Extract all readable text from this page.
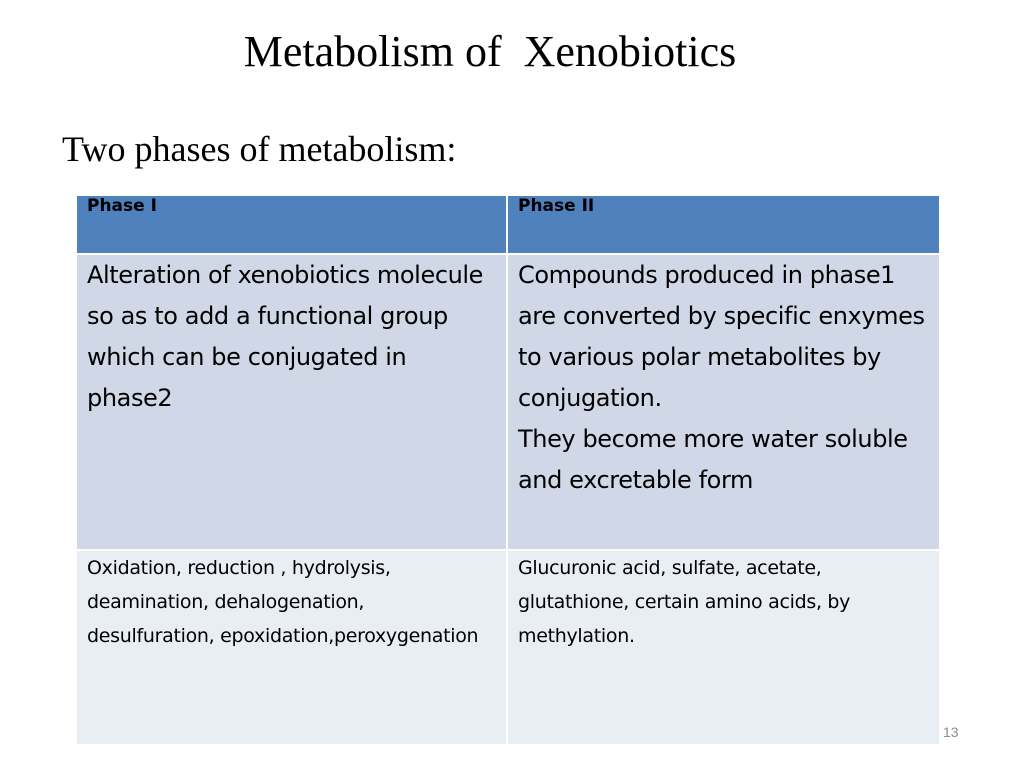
Metabolism of  Xenobiotics
Two phases of metabolism:
Phase I	Phase II

Alteration of xenobiotics molecule so as to add a functional group which can be conjugated in phase2	Compounds produced in phase1 are converted by specific enxymes to various polar metabolites by conjugation.
They become more water soluble and excretable form

Oxidation, reduction , hydrolysis, deamination, dehalogenation, desulfuration, epoxidation,peroxygenation	Glucuronic acid, sulfate, acetate, glutathione, certain amino acids, by methylation.
13
